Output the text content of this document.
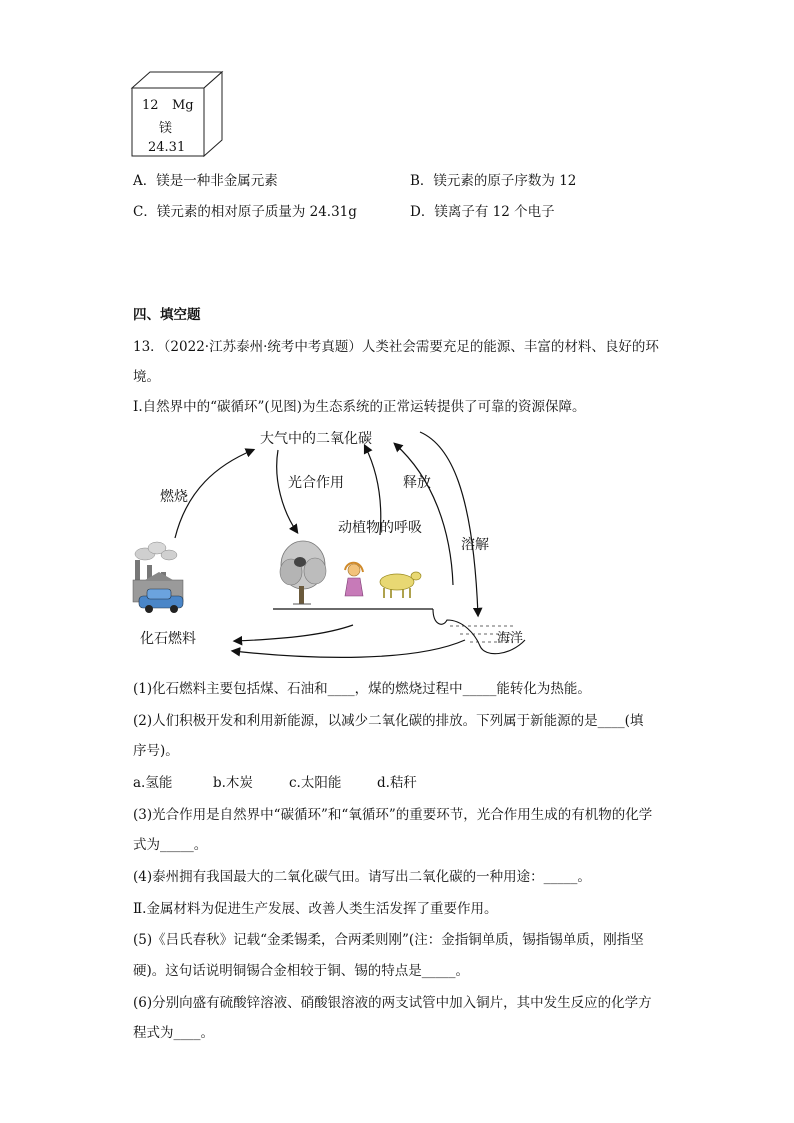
12 Mg
镁
24.31
A．镁是一种非金属元素	B．镁元素的原子序数为 12
C．镁元素的相对原子质量为 24.31g	D．镁离子有 12 个电子
四、填空题
13．（2022·江苏泰州·统考中考真题）人类社会需要充足的能源、丰富的材料、良好的环
境。
Ⅰ.自然界中的“碳循环”(见图)为生态系统的正常运转提供了可靠的资源保障。
大气中的二氧化碳
燃烧
光合作用
动植物的呼吸
释放
溶解
化石燃料	海洋
(1)化石燃料主要包括煤、石油和____，煤的燃烧过程中_____能转化为热能。
(2)人们积极开发和利用新能源，以减少二氧化碳的排放。下列属于新能源的是____(填
序号)。
a.氢能	b.木炭	c.太阳能	d.秸秆
(3)光合作用是自然界中“碳循环”和“氧循环”的重要环节，光合作用生成的有机物的化学
式为_____。
(4)泰州拥有我国最大的二氧化碳气田。请写出二氧化碳的一种用途：_____。
Ⅱ.金属材料为促进生产发展、改善人类生活发挥了重要作用。
(5)《吕氏春秋》记载“金柔锡柔，合两柔则刚”(注：金指铜单质，锡指锡单质，刚指坚
硬)。这句话说明铜锡合金相较于铜、锡的特点是_____。
(6)分别向盛有硫酸锌溶液、硝酸银溶液的两支试管中加入铜片，其中发生反应的化学方
程式为____。
